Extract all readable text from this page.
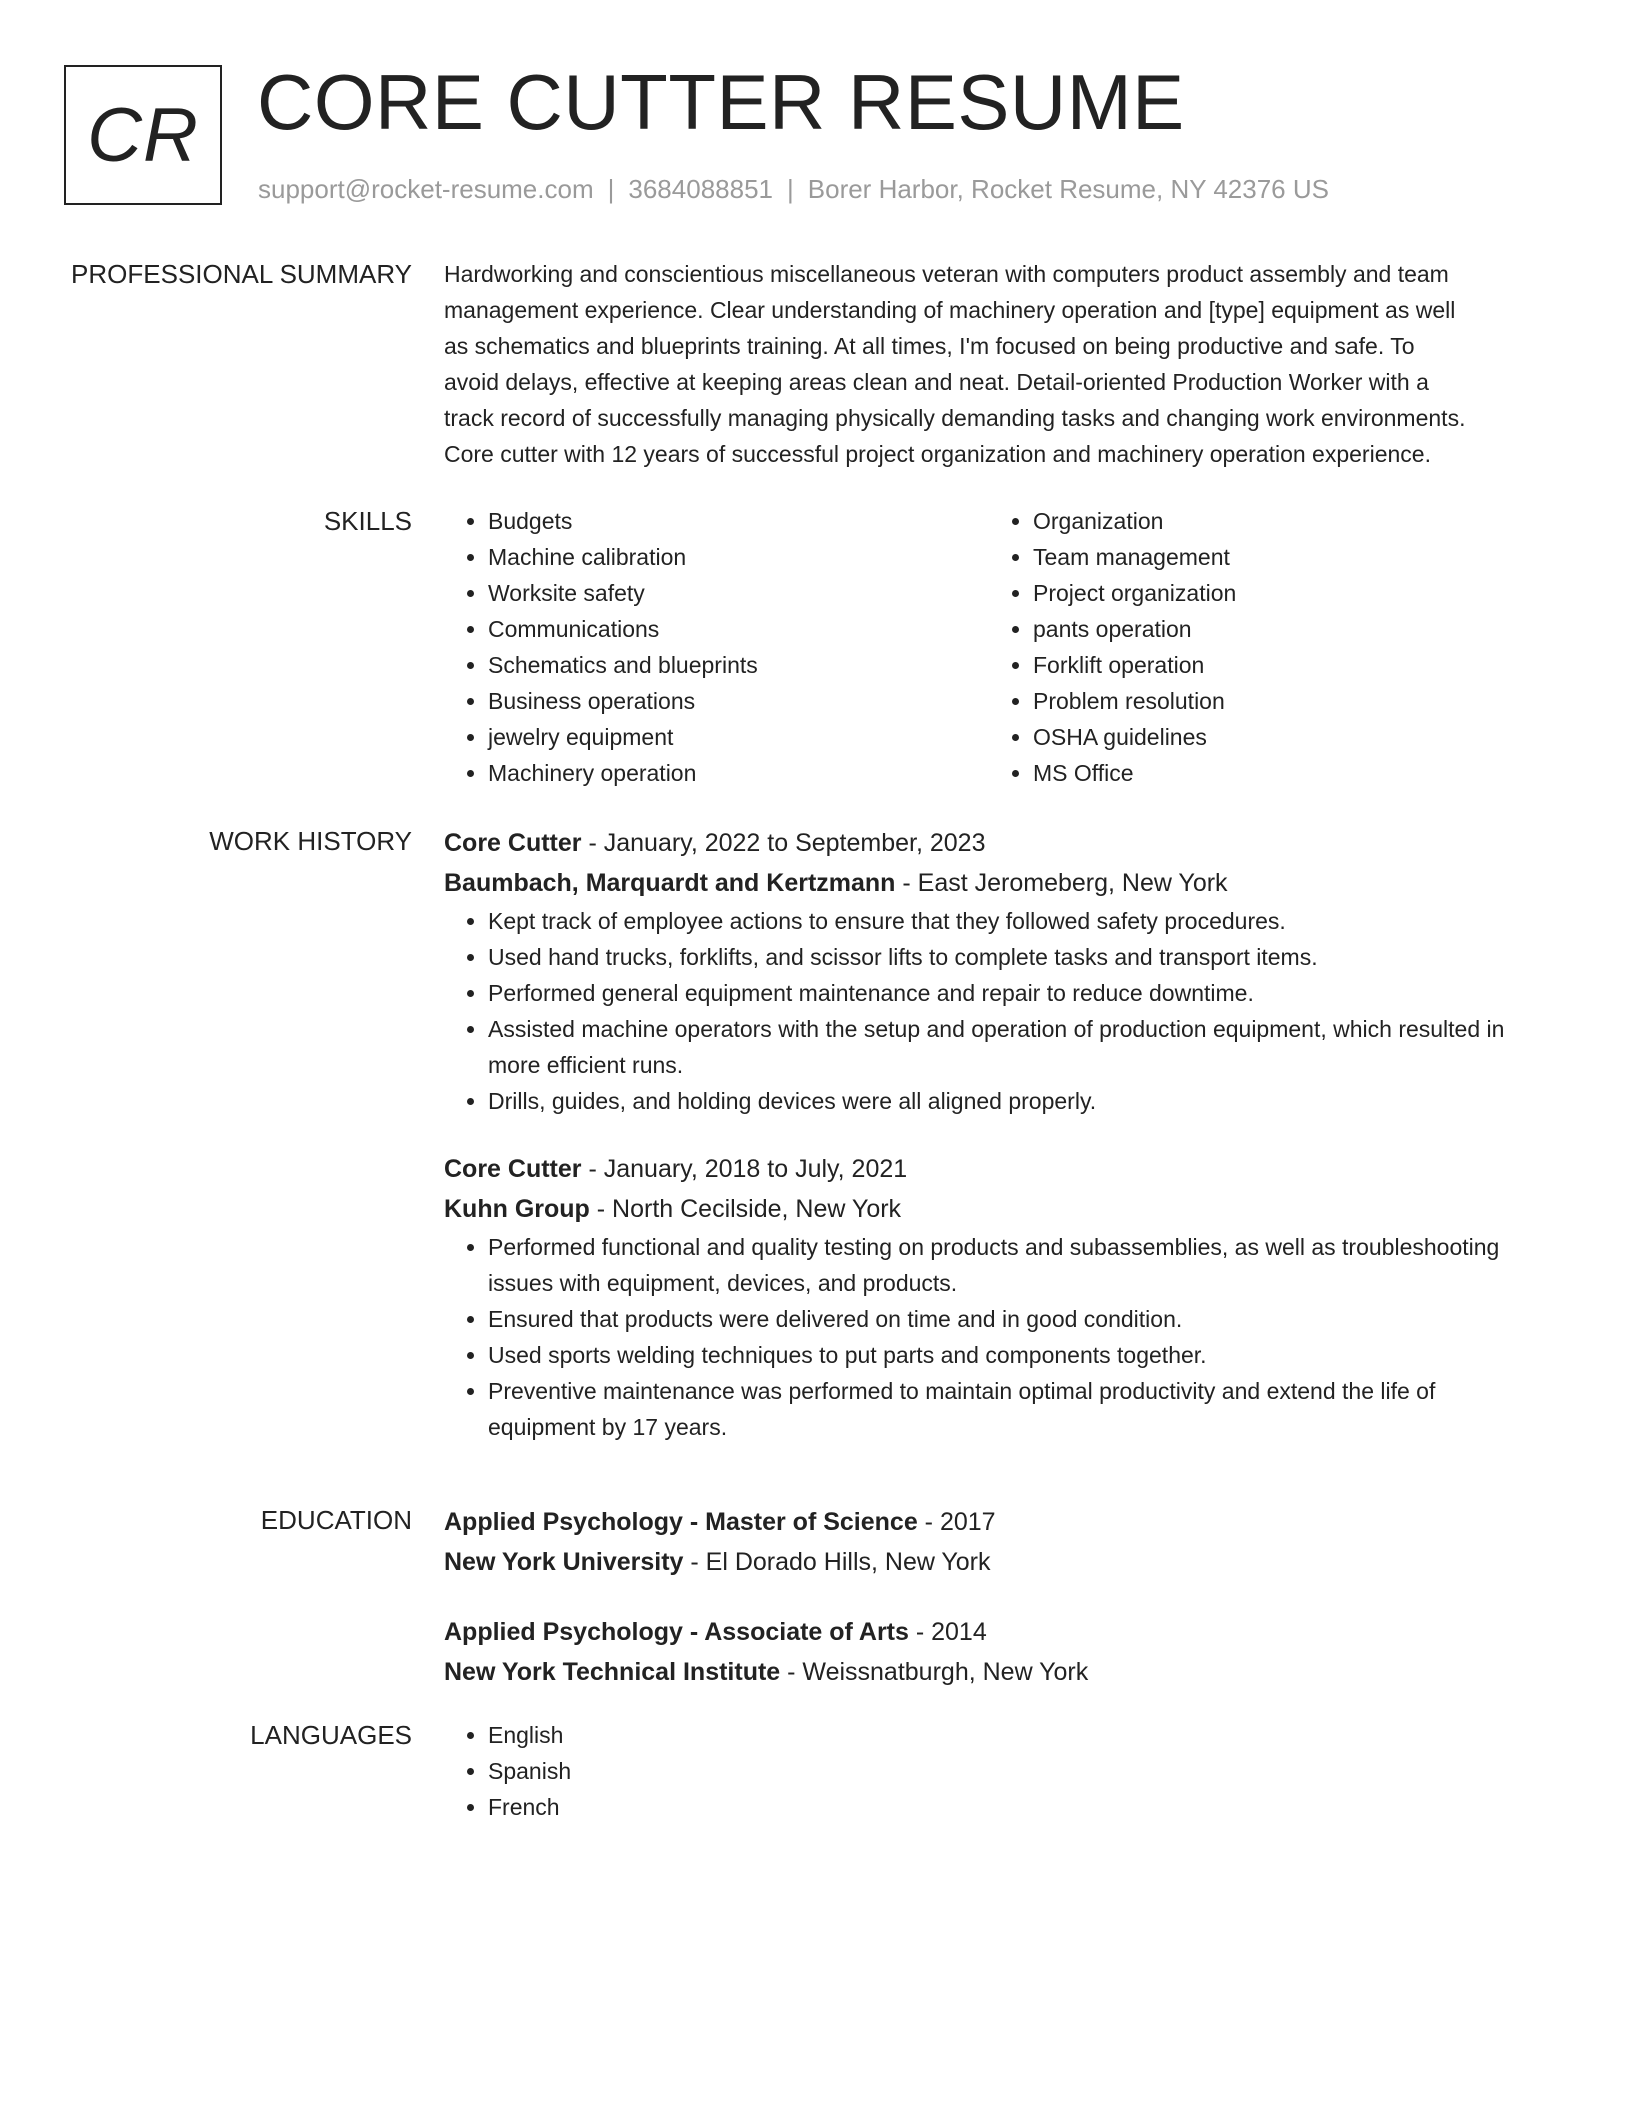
CR CORE CUTTER RESUME
support@rocket-resume.com | 3684088851 | Borer Harbor, Rocket Resume, NY 42376 US
PROFESSIONAL SUMMARY Hardworking and conscientious miscellaneous veteran with computers product assembly and team
management experience. Clear understanding of machinery operation and [type] equipment as well
as schematics and blueprints training. At all times, I'm focused on being productive and safe. To
avoid delays, effective at keeping areas clean and neat. Detail-oriented Production Worker with a
track record of successfully managing physically demanding tasks and changing work environments.
Core cutter with 12 years of successful project organization and machinery operation experience.
SKILLS	• Budgets
• Machine calibration
• Worksite safety
• Communications
• Schematics and blueprints
• Business operations
• jewelry equipment
• Machinery operation
• Organization
• Team management
• Project organization
• pants operation
• Forklift operation
• Problem resolution
• OSHA guidelines
• MS Office
WORK HISTORY Core Cutter - January, 2022 to September, 2023
Baumbach, Marquardt and Kertzmann - East Jeromeberg, New York
• Kept track of employee actions to ensure that they followed safety procedures.
• Used hand trucks, forklifts, and scissor lifts to complete tasks and transport items.
• Performed general equipment maintenance and repair to reduce downtime.
• Assisted machine operators with the setup and operation of production equipment, which resulted in more efficient runs.
• Drills, guides, and holding devices were all aligned properly.
Core Cutter - January, 2018 to July, 2021
Kuhn Group - North Cecilside, New York
• Performed functional and quality testing on products and subassemblies, as well as troubleshooting issues with equipment, devices, and products.
• Ensured that products were delivered on time and in good condition.
• Used sports welding techniques to put parts and components together.
• Preventive maintenance was performed to maintain optimal productivity and extend the life of equipment by 17 years.
EDUCATION Applied Psychology - Master of Science - 2017
New York University - El Dorado Hills, New York
Applied Psychology - Associate of Arts - 2014
New York Technical Institute - Weissnatburgh, New York
LANGUAGES	• English
• Spanish
• French
